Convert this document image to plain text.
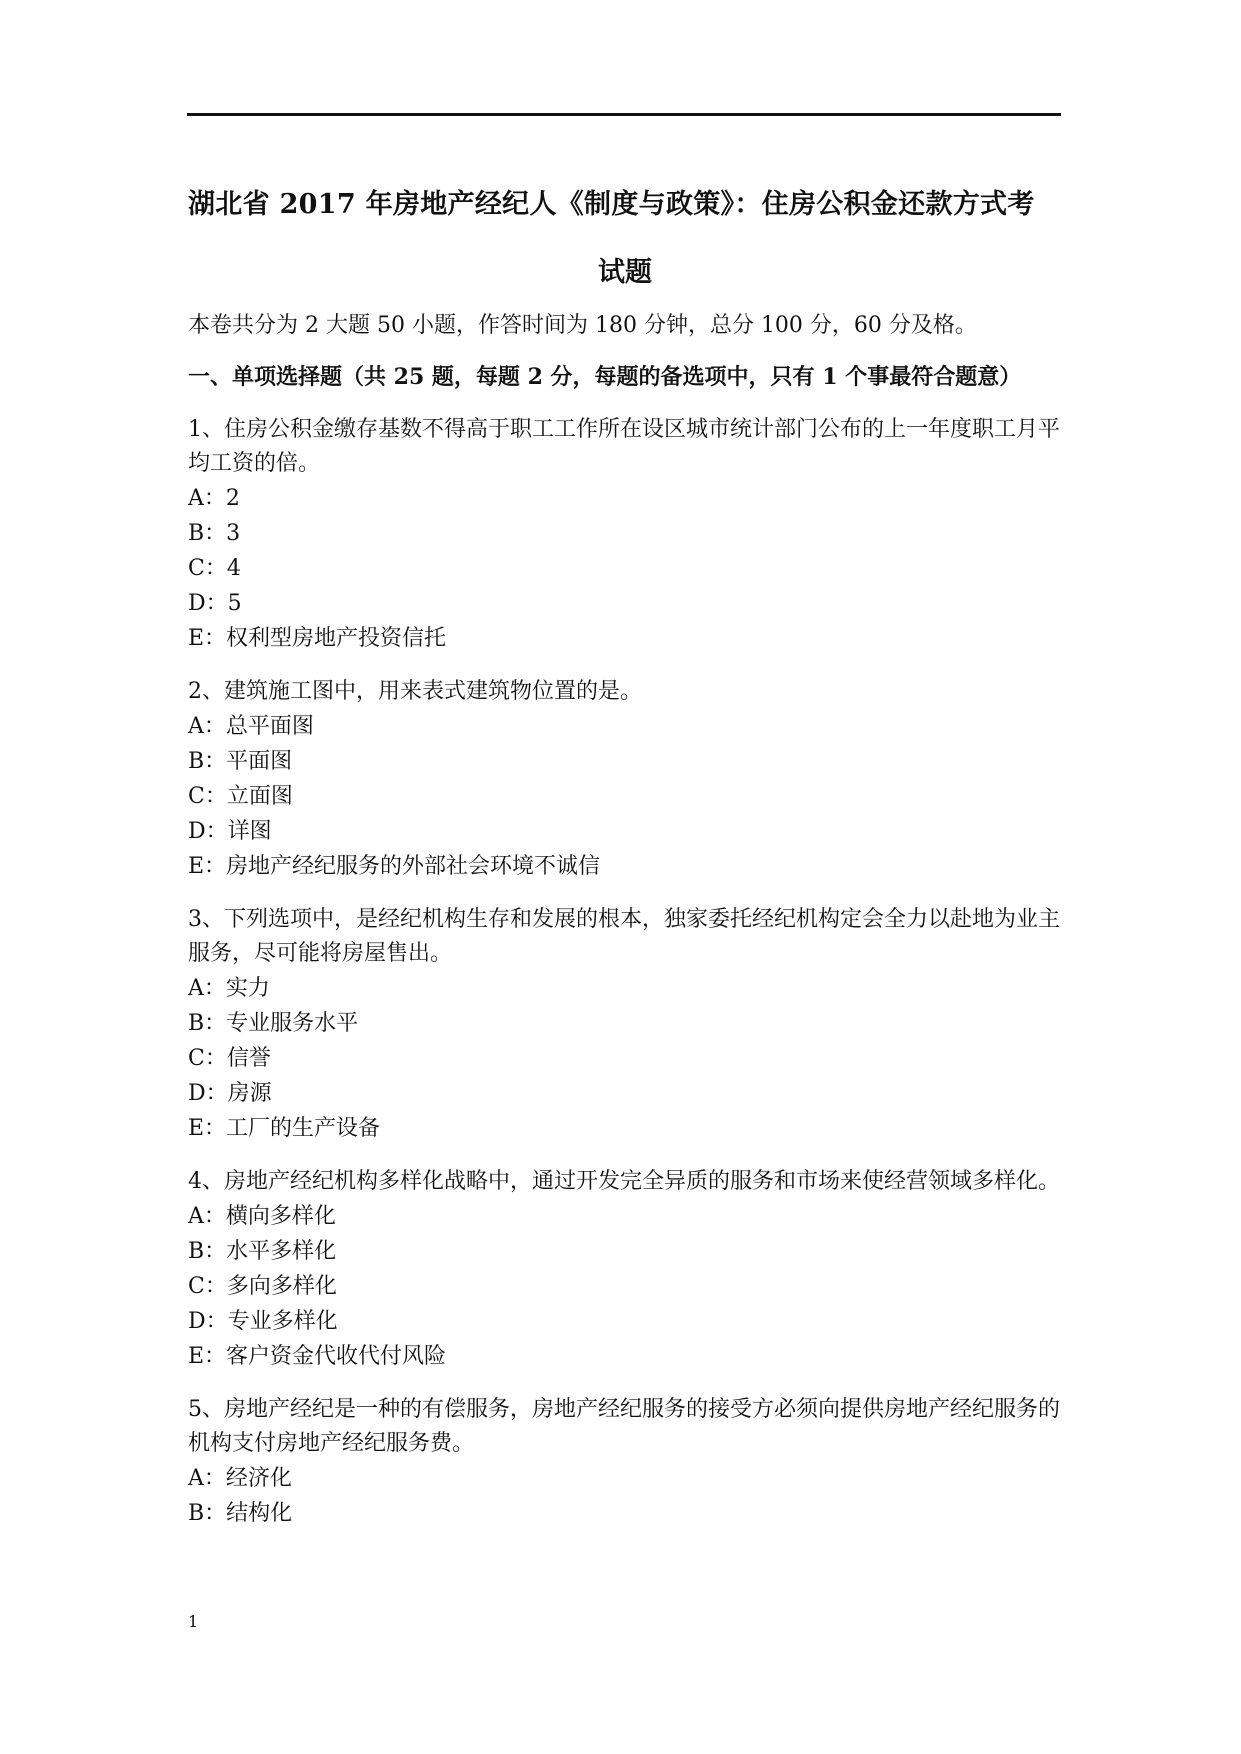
湖北省 2017 年房地产经纪人《制度与政策》：住房公积金还款方式考
试题

本卷共分为 2 大题 50 小题，作答时间为 180 分钟，总分 100 分，60 分及格。

一、单项选择题（共 25 题，每题 2 分，每题的备选项中，只有 1 个事最符合题意）

1、住房公积金缴存基数不得高于职工工作所在设区城市统计部门公布的上一年度职工月平均工资的倍。

A：2
B：3
C：4
D：5
E：权利型房地产投资信托

2、建筑施工图中，用来表式建筑物位置的是。

A：总平面图
B：平面图
C：立面图
D：详图
E：房地产经纪服务的外部社会环境不诚信

3、下列选项中，是经纪机构生存和发展的根本，独家委托经纪机构定会全力以赴地为业主服务，尽可能将房屋售出。

A：实力
B：专业服务水平
C：信誉
D：房源
E：工厂的生产设备

4、房地产经纪机构多样化战略中，通过开发完全异质的服务和市场来使经营领域多样化。

A：横向多样化
B：水平多样化
C：多向多样化
D：专业多样化
E：客户资金代收代付风险

5、房地产经纪是一种的有偿服务，房地产经纪服务的接受方必须向提供房地产经纪服务的机构支付房地产经纪服务费。

A：经济化
B：结构化
1
